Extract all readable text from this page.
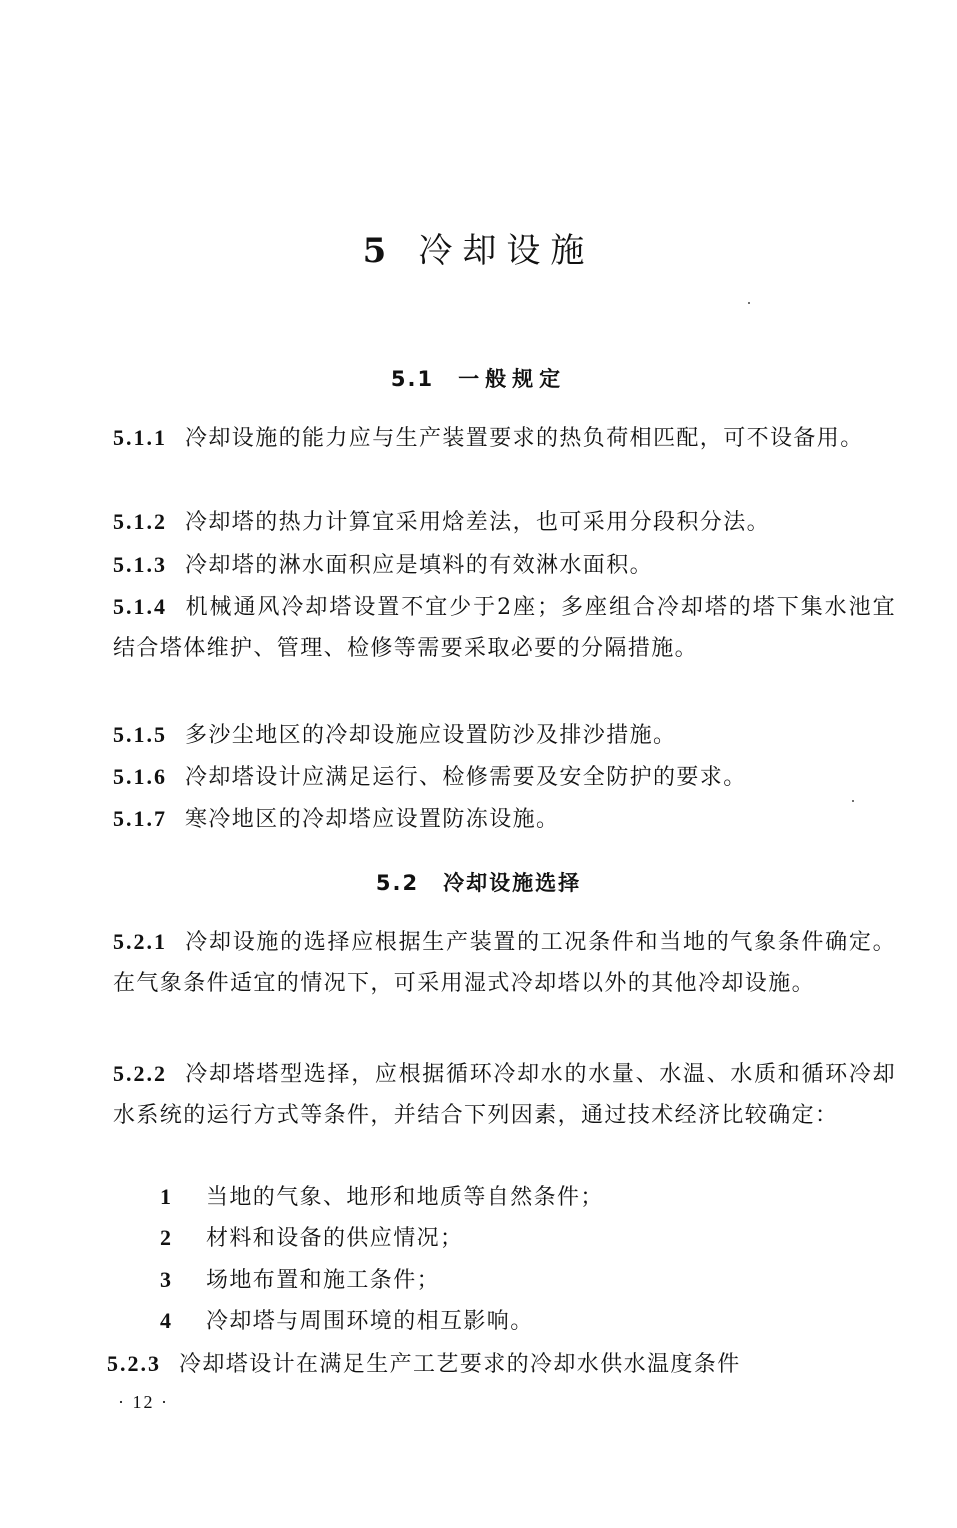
5 冷却设施
5.1 一般规定
5.1.1 冷却设施的能力应与生产装置要求的热负荷相匹配，可不设备用。
5.1.2 冷却塔的热力计算宜采用焓差法，也可采用分段积分法。
5.1.3 冷却塔的淋水面积应是填料的有效淋水面积。
5.1.4 机械通风冷却塔设置不宜少于2座；多座组合冷却塔的塔下集水池宜结合塔体维护、管理、检修等需要采取必要的分隔措施。
5.1.5 多沙尘地区的冷却设施应设置防沙及排沙措施。
5.1.6 冷却塔设计应满足运行、检修需要及安全防护的要求。
5.1.7 寒冷地区的冷却塔应设置防冻设施。
5.2 冷却设施选择
5.2.1 冷却设施的选择应根据生产装置的工况条件和当地的气象条件确定。在气象条件适宜的情况下，可采用湿式冷却塔以外的其他冷却设施。
5.2.2 冷却塔塔型选择，应根据循环冷却水的水量、水温、水质和循环冷却水系统的运行方式等条件，并结合下列因素，通过技术经济比较确定：
1 当地的气象、地形和地质等自然条件；
2 材料和设备的供应情况；
3 场地布置和施工条件；
4 冷却塔与周围环境的相互影响。
5.2.3 冷却塔设计在满足生产工艺要求的冷却水供水温度条件
· 12 ·
